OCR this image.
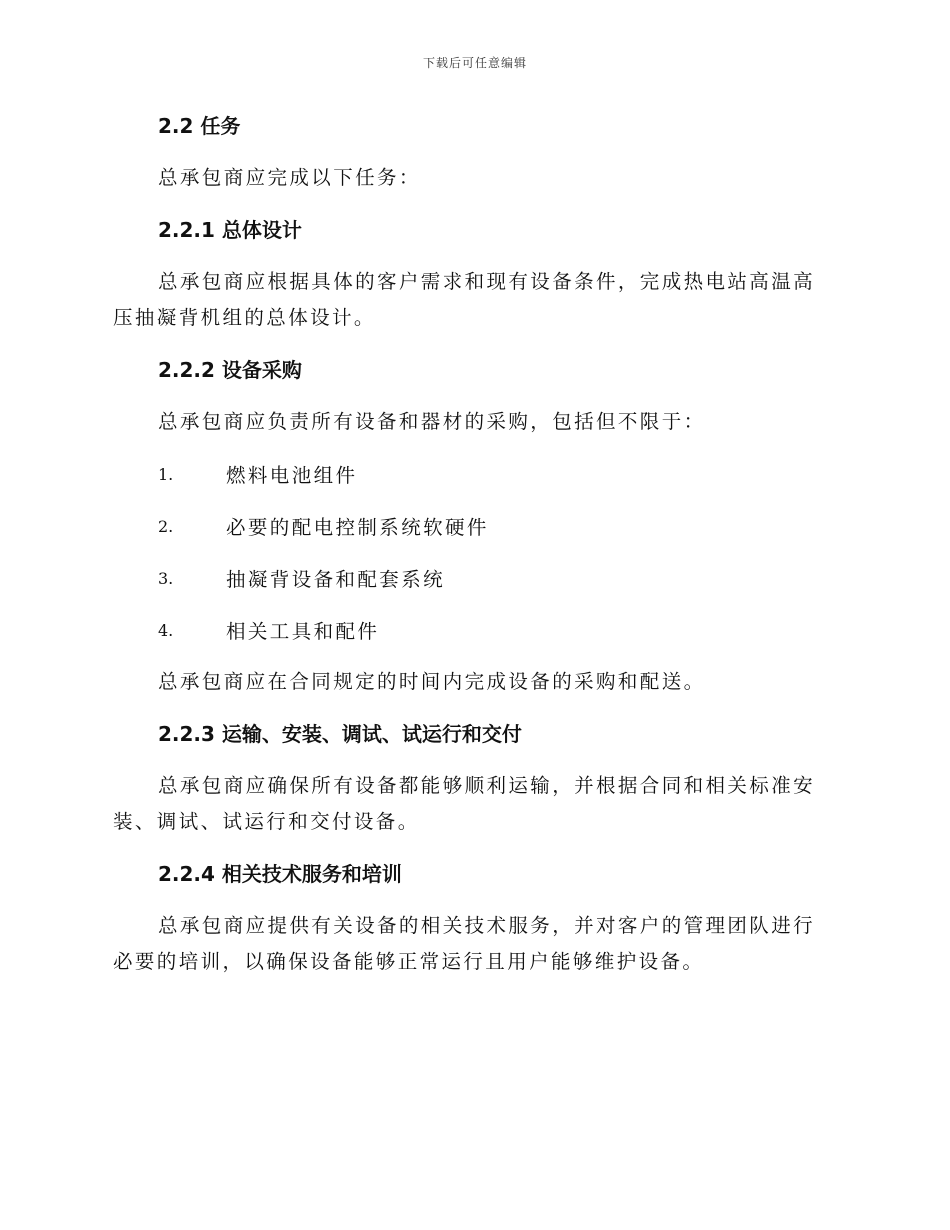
下载后可任意编辑
2.2 任务

总承包商应完成以下任务：

2.2.1 总体设计

总承包商应根据具体的客户需求和现有设备条件，完成热电站高温高压抽凝背机组的总体设计。

2.2.2 设备采购

总承包商应负责所有设备和器材的采购，包括但不限于：

1.	燃料电池组件
2.	必要的配电控制系统软硬件
3.	抽凝背设备和配套系统
4.	相关工具和配件

总承包商应在合同规定的时间内完成设备的采购和配送。

2.2.3 运输、安装、调试、试运行和交付

总承包商应确保所有设备都能够顺利运输，并根据合同和相关标准安装、调试、试运行和交付设备。

2.2.4 相关技术服务和培训

总承包商应提供有关设备的相关技术服务，并对客户的管理团队进行必要的培训，以确保设备能够正常运行且用户能够维护设备。
